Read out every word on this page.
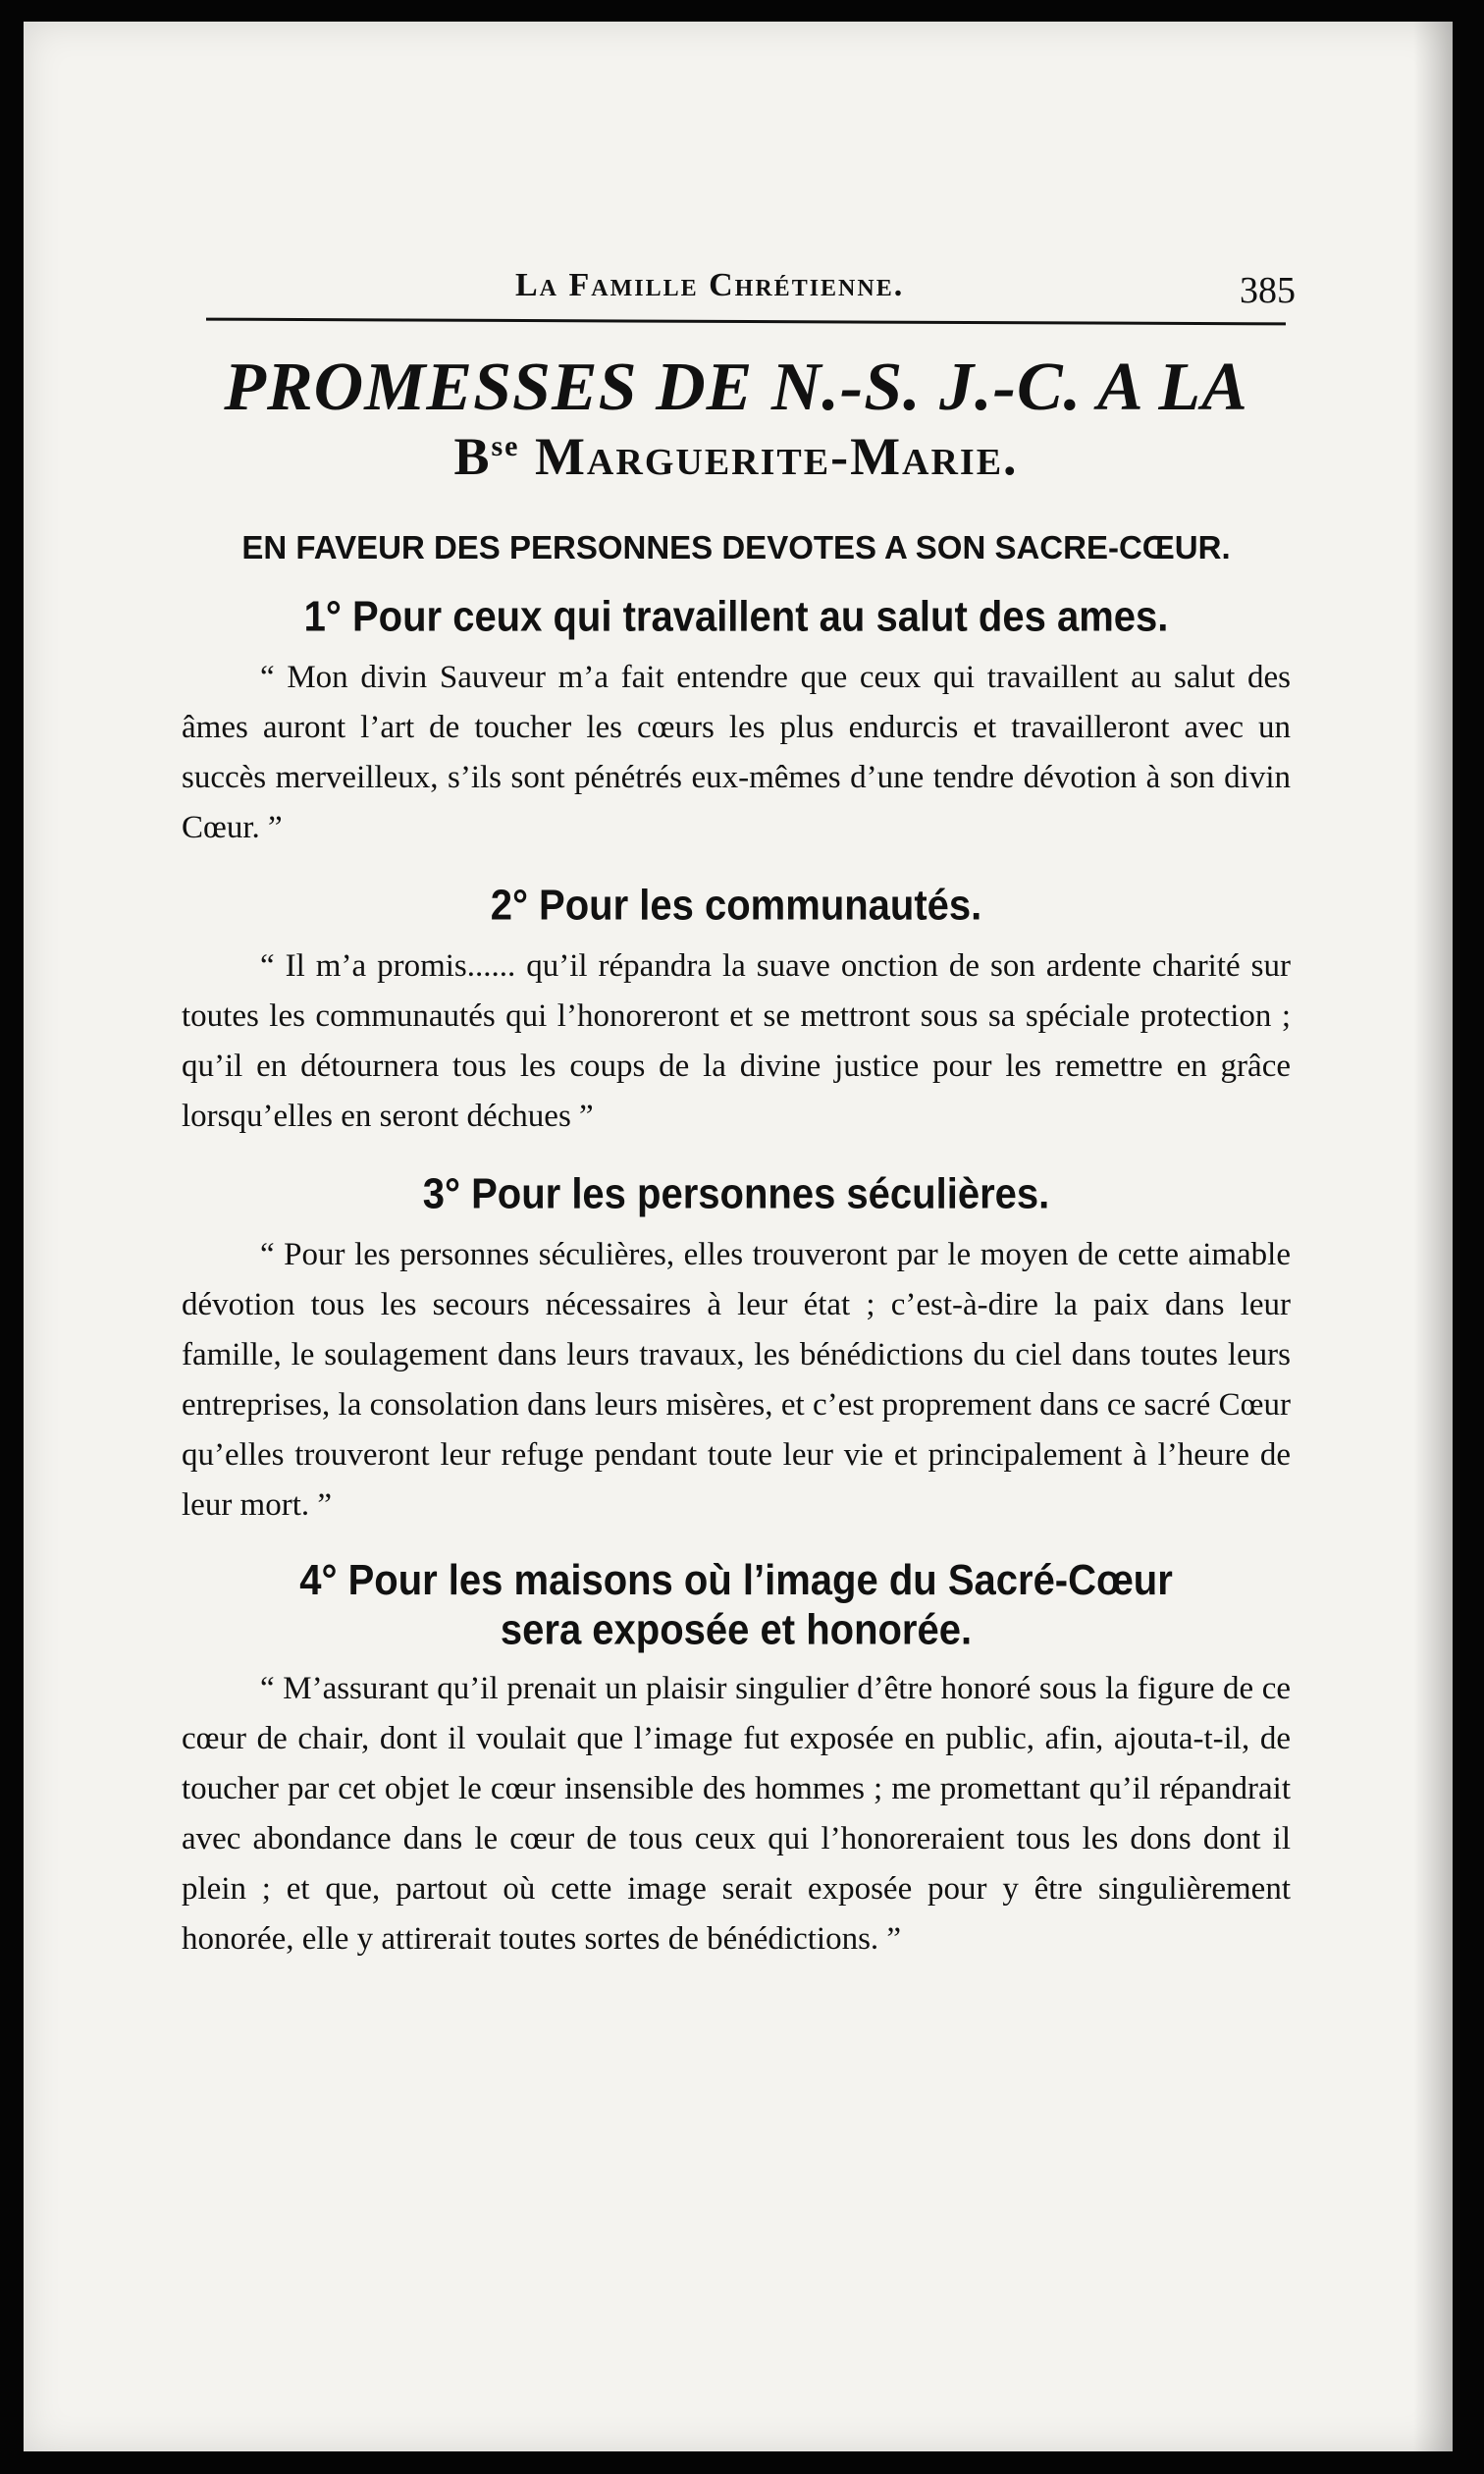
La Famille Chrétienne.	385
PROMESSES DE N.-S. J.-C. A LA
$B^{se}$ Marguerite-Marie.
EN FAVEUR DES PERSONNES DEVOTES A SON SACRE-CŒUR.
1° Pour ceux qui travaillent au salut des ames.

“ Mon divin Sauveur m’a fait entendre que ceux qui travaillent au salut des âmes auront l’art de toucher les cœurs les plus endurcis et travailleront avec un succès merveilleux, s’ils sont pénétrés eux-mêmes d’une tendre dévotion à son divin Cœur. ”

2° Pour les communautés.

“ Il m’a promis...... qu’il répandra la suave onction de son ardente charité sur toutes les communautés qui l’honoreront et se mettront sous sa spéciale protection ; qu’il en détournera tous les coups de la divine justice pour les remettre en grâce lorsqu’elles en seront déchues ”

3° Pour les personnes séculières.

“ Pour les personnes séculières, elles trouveront par le moyen de cette aimable dévotion tous les secours nécessaires à leur état ; c’est-à-dire la paix dans leur famille, le soulagement dans leurs travaux, les bénédictions du ciel dans toutes leurs entreprises, la consolation dans leurs misères, et c’est proprement dans ce sacré Cœur qu’elles trouveront leur refuge pendant toute leur vie et principalement à l’heure de leur mort. ”

4° Pour les maisons où l’image du Sacré-Cœur
sera exposée et honorée.

“ M’assurant qu’il prenait un plaisir singulier d’être honoré sous la figure de ce cœur de chair, dont il voulait que l’image fut exposée en public, afin, ajouta-t-il, de toucher par cet objet le cœur insensible des hommes ; me promettant qu’il répandrait avec abondance dans le cœur de tous ceux qui l’honoreraient tous les dons dont il plein ; et que, partout où cette image serait exposée pour y être singulièrement honorée, elle y attirerait toutes sortes de bénédictions. ”
